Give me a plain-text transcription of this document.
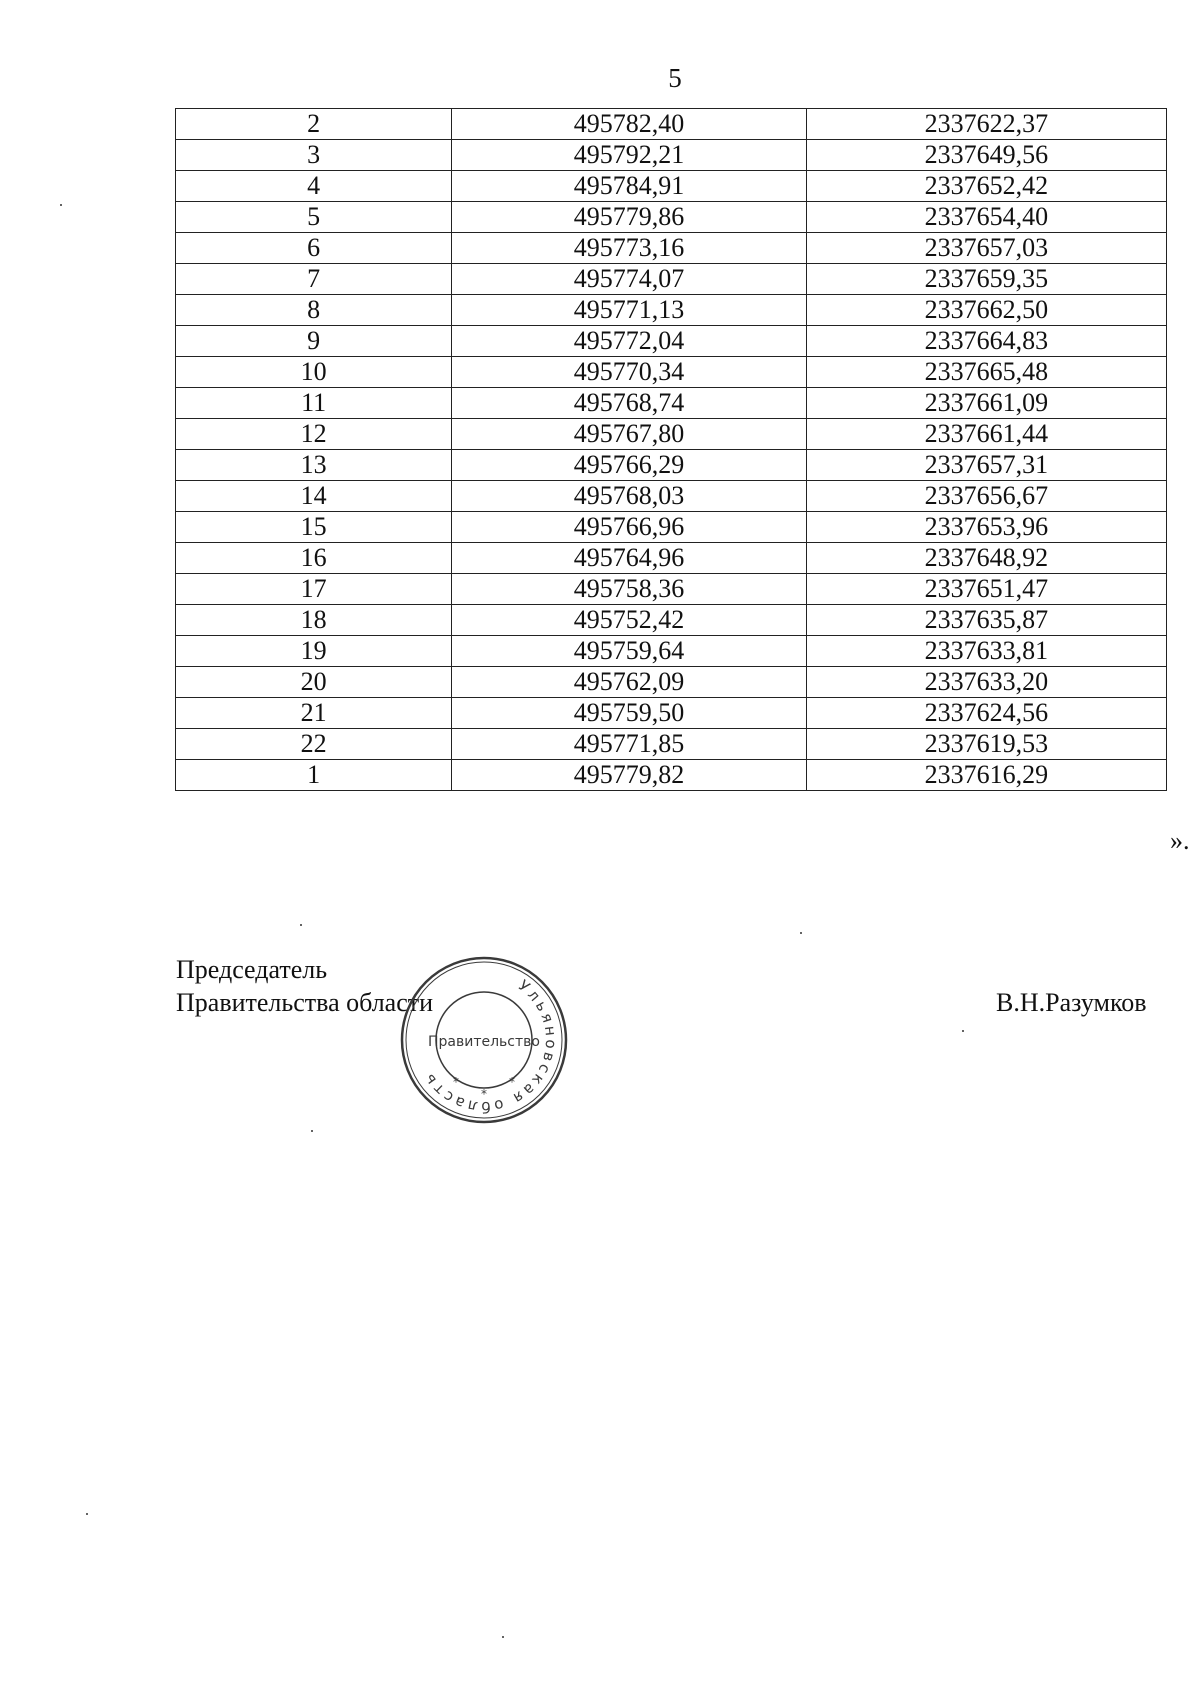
5
2	495782,40	2337622,37
3	495792,21	2337649,56
4	495784,91	2337652,42
5	495779,86	2337654,40
6	495773,16	2337657,03
7	495774,07	2337659,35
8	495771,13	2337662,50
9	495772,04	2337664,83
10	495770,34	2337665,48
11	495768,74	2337661,09
12	495767,80	2337661,44
13	495766,29	2337657,31
14	495768,03	2337656,67
15	495766,96	2337653,96
16	495764,96	2337648,92
17	495758,36	2337651,47
18	495752,42	2337635,87
19	495759,64	2337633,81
20	495762,09	2337633,20
21	495759,50	2337624,56
22	495771,85	2337619,53
1	495779,82	2337616,29
».
Председатель
Правительства области	В.Н.Разумков
Ульяновская область
Правительство
*
*
*
